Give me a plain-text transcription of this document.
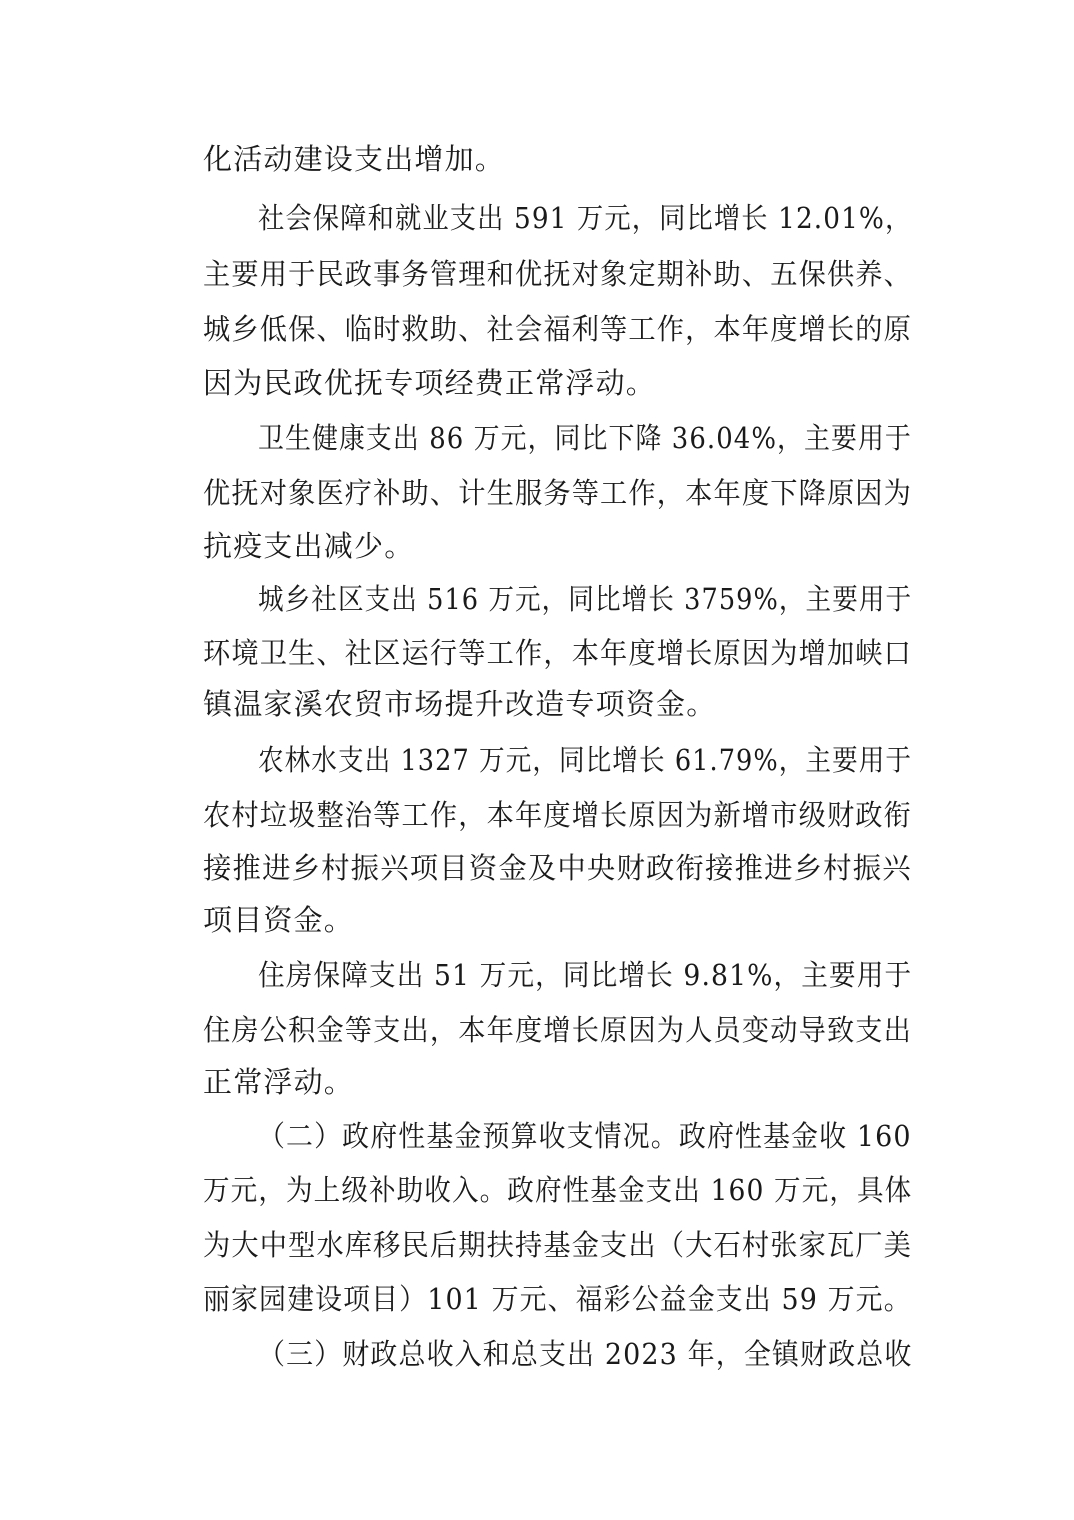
化活动建设支出增加。
社会保障和就业支出 591 万元，同比增长 12.01%，
主要用于民政事务管理和优抚对象定期补助、五保供养、
城乡低保、临时救助、社会福利等工作，本年度增长的原
因为民政优抚专项经费正常浮动。
卫生健康支出 86 万元，同比下降 36.04%，主要用于
优抚对象医疗补助、计生服务等工作，本年度下降原因为
抗疫支出减少。
城乡社区支出 516 万元，同比增长 3759%，主要用于
环境卫生、社区运行等工作，本年度增长原因为增加峡口
镇温家溪农贸市场提升改造专项资金。
农林水支出 1327 万元，同比增长 61.79%，主要用于
农村垃圾整治等工作，本年度增长原因为新增市级财政衔
接推进乡村振兴项目资金及中央财政衔接推进乡村振兴
项目资金。
住房保障支出 51 万元，同比增长 9.81%，主要用于
住房公积金等支出，本年度增长原因为人员变动导致支出
正常浮动。
（二）政府性基金预算收支情况。政府性基金收 160
万元，为上级补助收入。政府性基金支出 160 万元，具体
为大中型水库移民后期扶持基金支出（大石村张家瓦厂美
丽家园建设项目）101 万元、福彩公益金支出 59 万元。
（三）财政总收入和总支出 2023 年，全镇财政总收
